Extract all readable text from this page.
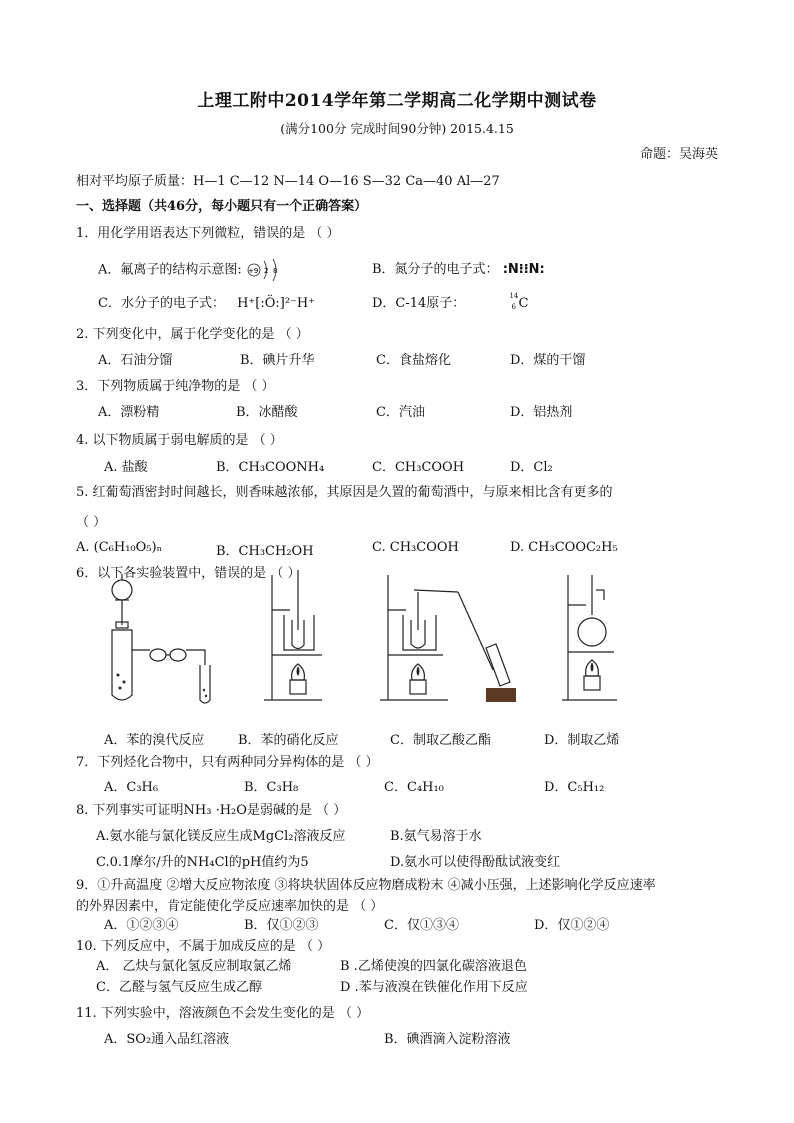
上理工附中2014学年第二学期高二化学期中测试卷
(满分100分 完成时间90分钟) 2015.4.15
命题：吴海英
相对平均原子质量：H—1 C—12 N—14 O—16 S—32 Ca—40 Al—27
一、选择题（共46分，每小题只有一个正确答案）
1．用化学用语表达下列微粒，错误的是 （ ）
A．氟离子的结构示意图: +9 2 8	B．氮分子的电子式： :N⁝⁝N:
C．水分子的电子式： H⁺[:Ö:]²⁻H⁺	D．C-14原子：
14
6 C
2. 下列变化中，属于化学变化的是 （ ）
A．石油分馏	B．碘片升华	C．食盐熔化	D．煤的干馏
3．下列物质属于纯净物的是 （ ）
A．漂粉精	B．冰醋酸	C．汽油	D．铝热剂
4. 以下物质属于弱电解质的是 （ ）
A. 盐酸	B．CH₃COONH₄	C．CH₃COOH	D．Cl₂
5. 红葡萄酒密封时间越长，则香味越浓郁，其原因是久置的葡萄酒中，与原来相比含有更多的
（ ）
A. (C₆H₁₀O₅)ₙ	B．CH₃CH₂OH	C. CH₃COOH	D. CH₃COOC₂H₅
6．以下各实验装置中，错误的是 （ ）
A．苯的溴代反应	B．苯的硝化反应	C．制取乙酸乙酯	D．制取乙烯
7．下列烃化合物中，只有两种同分异构体的是 （ ）
A．C₃H₆	B．C₃H₈	C．C₄H₁₀	D．C₅H₁₂
8. 下列事实可证明NH₃ ·H₂O是弱碱的是 （ ）
A.氨水能与氯化镁反应生成MgCl₂溶液反应	B.氨气易溶于水
C.0.1摩尔/升的NH₄Cl的pH值约为5	D.氨水可以使得酚酞试液变红
9．①升高温度 ②增大反应物浓度 ③将块状固体反应物磨成粉末 ④减小压强，上述影响化学反应速率
的外界因素中，肯定能使化学反应速率加快的是 （ ）
A．①②③④	B．仅①②③	C．仅①③④	D．仅①②④
10. 下列反应中，不属于加成反应的是 （ ）
A． 乙炔与氯化氢反应制取氯乙烯	B .乙烯使溴的四氯化碳溶液退色
C．乙醛与氢气反应生成乙醇	D .苯与液溴在铁催化作用下反应
11. 下列实验中，溶液颜色不会发生变化的是 （ ）
A．SO₂通入品红溶液	B．碘酒滴入淀粉溶液
